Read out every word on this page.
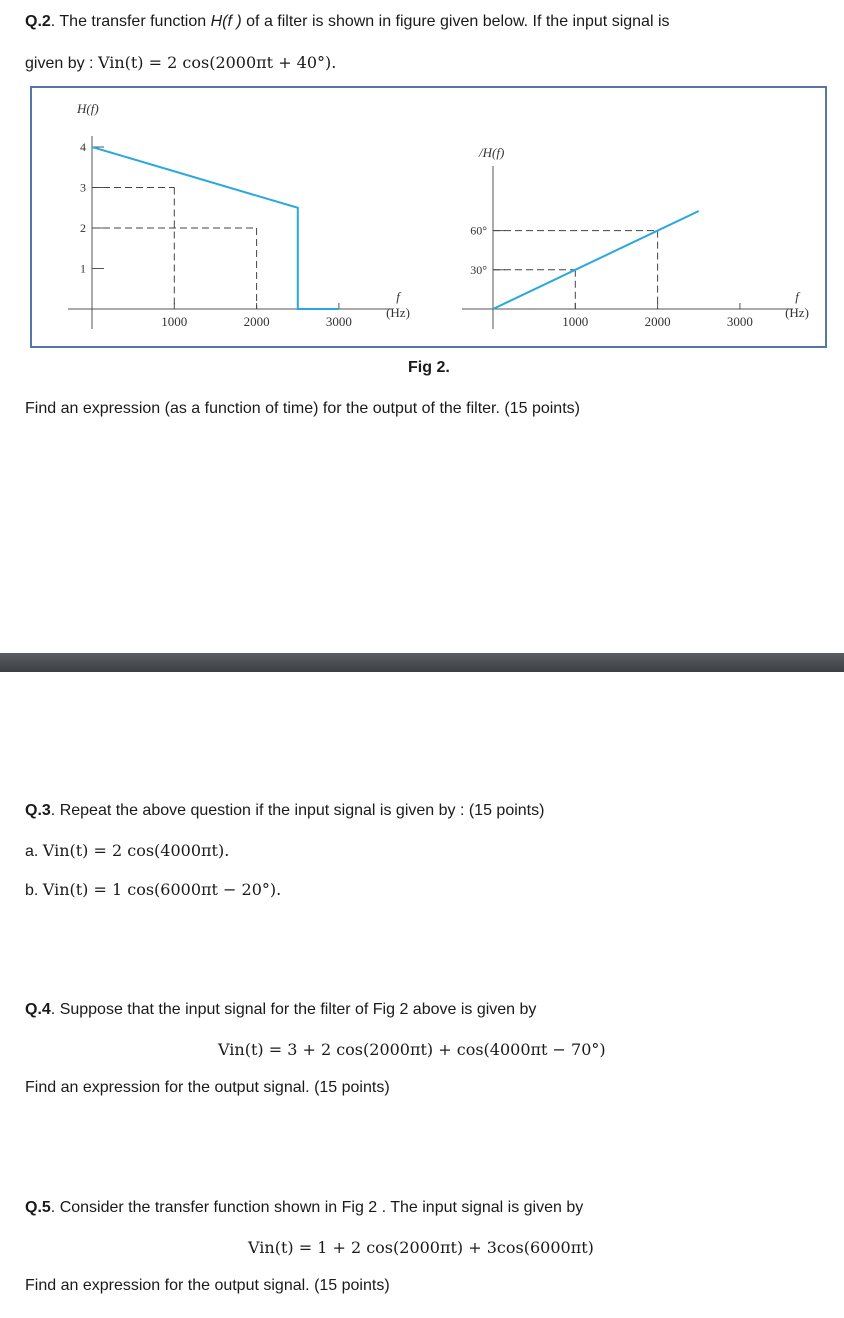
Q.2. The transfer function H(f ) of a filter is shown in figure given below. If the input signal is
given by : Vin(t) = 2 cos(2000πt + 40°).
H(f)
1000	2000	3000
1
2
3
4
f
(Hz)
/H(f)
1000	2000	3000
30°
60°
f
(Hz)
Fig 2.
Find an expression (as a function of time) for the output of the filter. (15 points)
Q.3. Repeat the above question if the input signal is given by : (15 points)
a. Vin(t) = 2 cos(4000πt).
b. Vin(t) = 1 cos(6000πt − 20°).
Q.4. Suppose that the input signal for the filter of Fig 2 above is given by
Vin(t) = 3 + 2 cos(2000πt) + cos(4000πt − 70°)
Find an expression for the output signal. (15 points)
Q.5. Consider the transfer function shown in Fig 2 . The input signal is given by
Vin(t) = 1 + 2 cos(2000πt) + 3cos(6000πt)
Find an expression for the output signal. (15 points)
